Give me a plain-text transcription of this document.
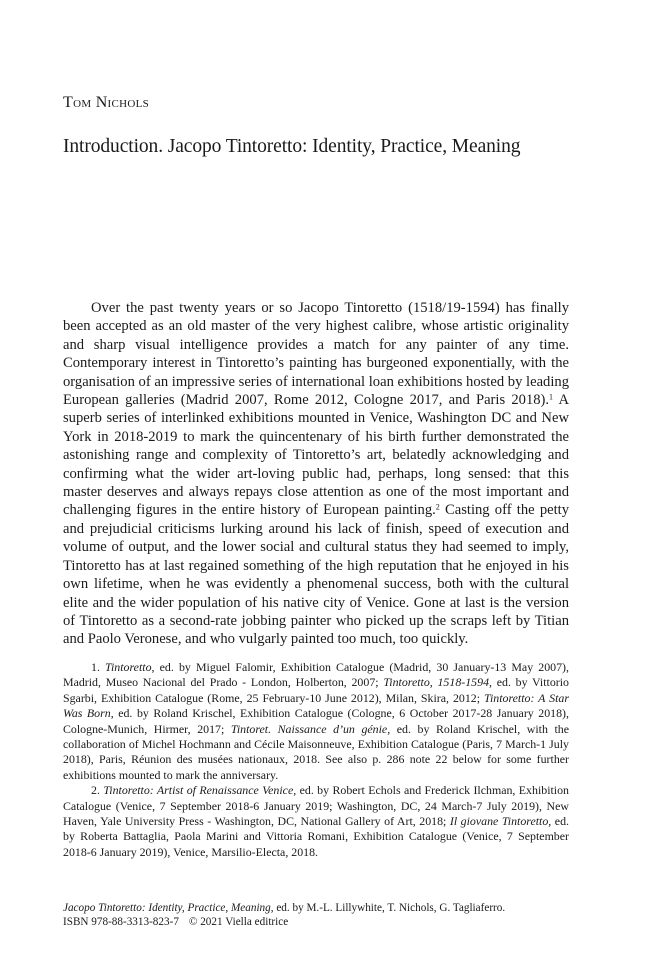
Tom Nichols
Introduction. Jacopo Tintoretto: Identity, Practice, Meaning

Over the past twenty years or so Jacopo Tintoretto (1518/19-1594) has finally been accepted as an old master of the very highest calibre, whose artistic originality and sharp visual intelligence provides a match for any painter of any time. Contemporary interest in Tintoretto’s painting has burgeoned exponentially, with the organisation of an impressive series of international loan exhibitions hosted by leading European galleries (Madrid 2007, Rome 2012, Cologne 2017, and Paris 2018).$^1$ A superb series of interlinked exhibitions mounted in Venice, Washington DC and New York in 2018-2019 to mark the quincentenary of his birth further demonstrated the astonishing range and complexity of Tintoretto’s art, belatedly acknowledging and confirming what the wider art-loving public had, perhaps, long sensed: that this master deserves and always repays close attention as one of the most important and challenging figures in the entire history of European painting.$^2$ Casting off the petty and prejudicial criticisms lurking around his lack of finish, speed of execution and volume of output, and the lower social and cultural status they had seemed to imply, Tintoretto has at last regained something of the high reputation that he enjoyed in his own lifetime, when he was evidently a phenomenal success, both with the cultural elite and the wider population of his native city of Venice. Gone at last is the version of Tintoretto as a second-rate jobbing painter who picked up the scraps left by Titian and Paolo Veronese, and who vulgarly painted too much, too quickly.

1. Tintoretto, ed. by Miguel Falomir, Exhibition Catalogue (Madrid, 30 January-13 May 2007), Madrid, Museo Nacional del Prado - London, Holberton, 2007; Tintoretto, 1518-1594, ed. by Vittorio Sgarbi, Exhibition Catalogue (Rome, 25 February-10 June 2012), Milan, Skira, 2012; Tintoretto: A Star Was Born, ed. by Roland Krischel, Exhibition Catalogue (Cologne, 6 October 2017-28 January 2018), Cologne-Munich, Hirmer, 2017; Tintoret. Naissance d’un génie, ed. by Roland Krischel, with the collaboration of Michel Hochmann and Cécile Maisonneuve, Exhibition Catalogue (Paris, 7 March-1 July 2018), Paris, Réunion des musées nationaux, 2018. See also p. 286 note 22 below for some further exhibitions mounted to mark the anniversary.

2. Tintoretto: Artist of Renaissance Venice, ed. by Robert Echols and Frederick Ilchman, Exhibition Catalogue (Venice, 7 September 2018-6 January 2019; Washington, DC, 24 March-7 July 2019), New Haven, Yale University Press - Washington, DC, National Gallery of Art, 2018; Il giovane Tintoretto, ed. by Roberta Battaglia, Paola Marini and Vittoria Romani, Exhibition Catalogue (Venice, 7 September 2018-6 January 2019), Venice, Marsilio-Electa, 2018.

Jacopo Tintoretto: Identity, Practice, Meaning, ed. by M.-L. Lillywhite, T. Nichols, G. Tagliaferro.
ISBN 978-88-3313-823-7 © 2021 Viella editrice
